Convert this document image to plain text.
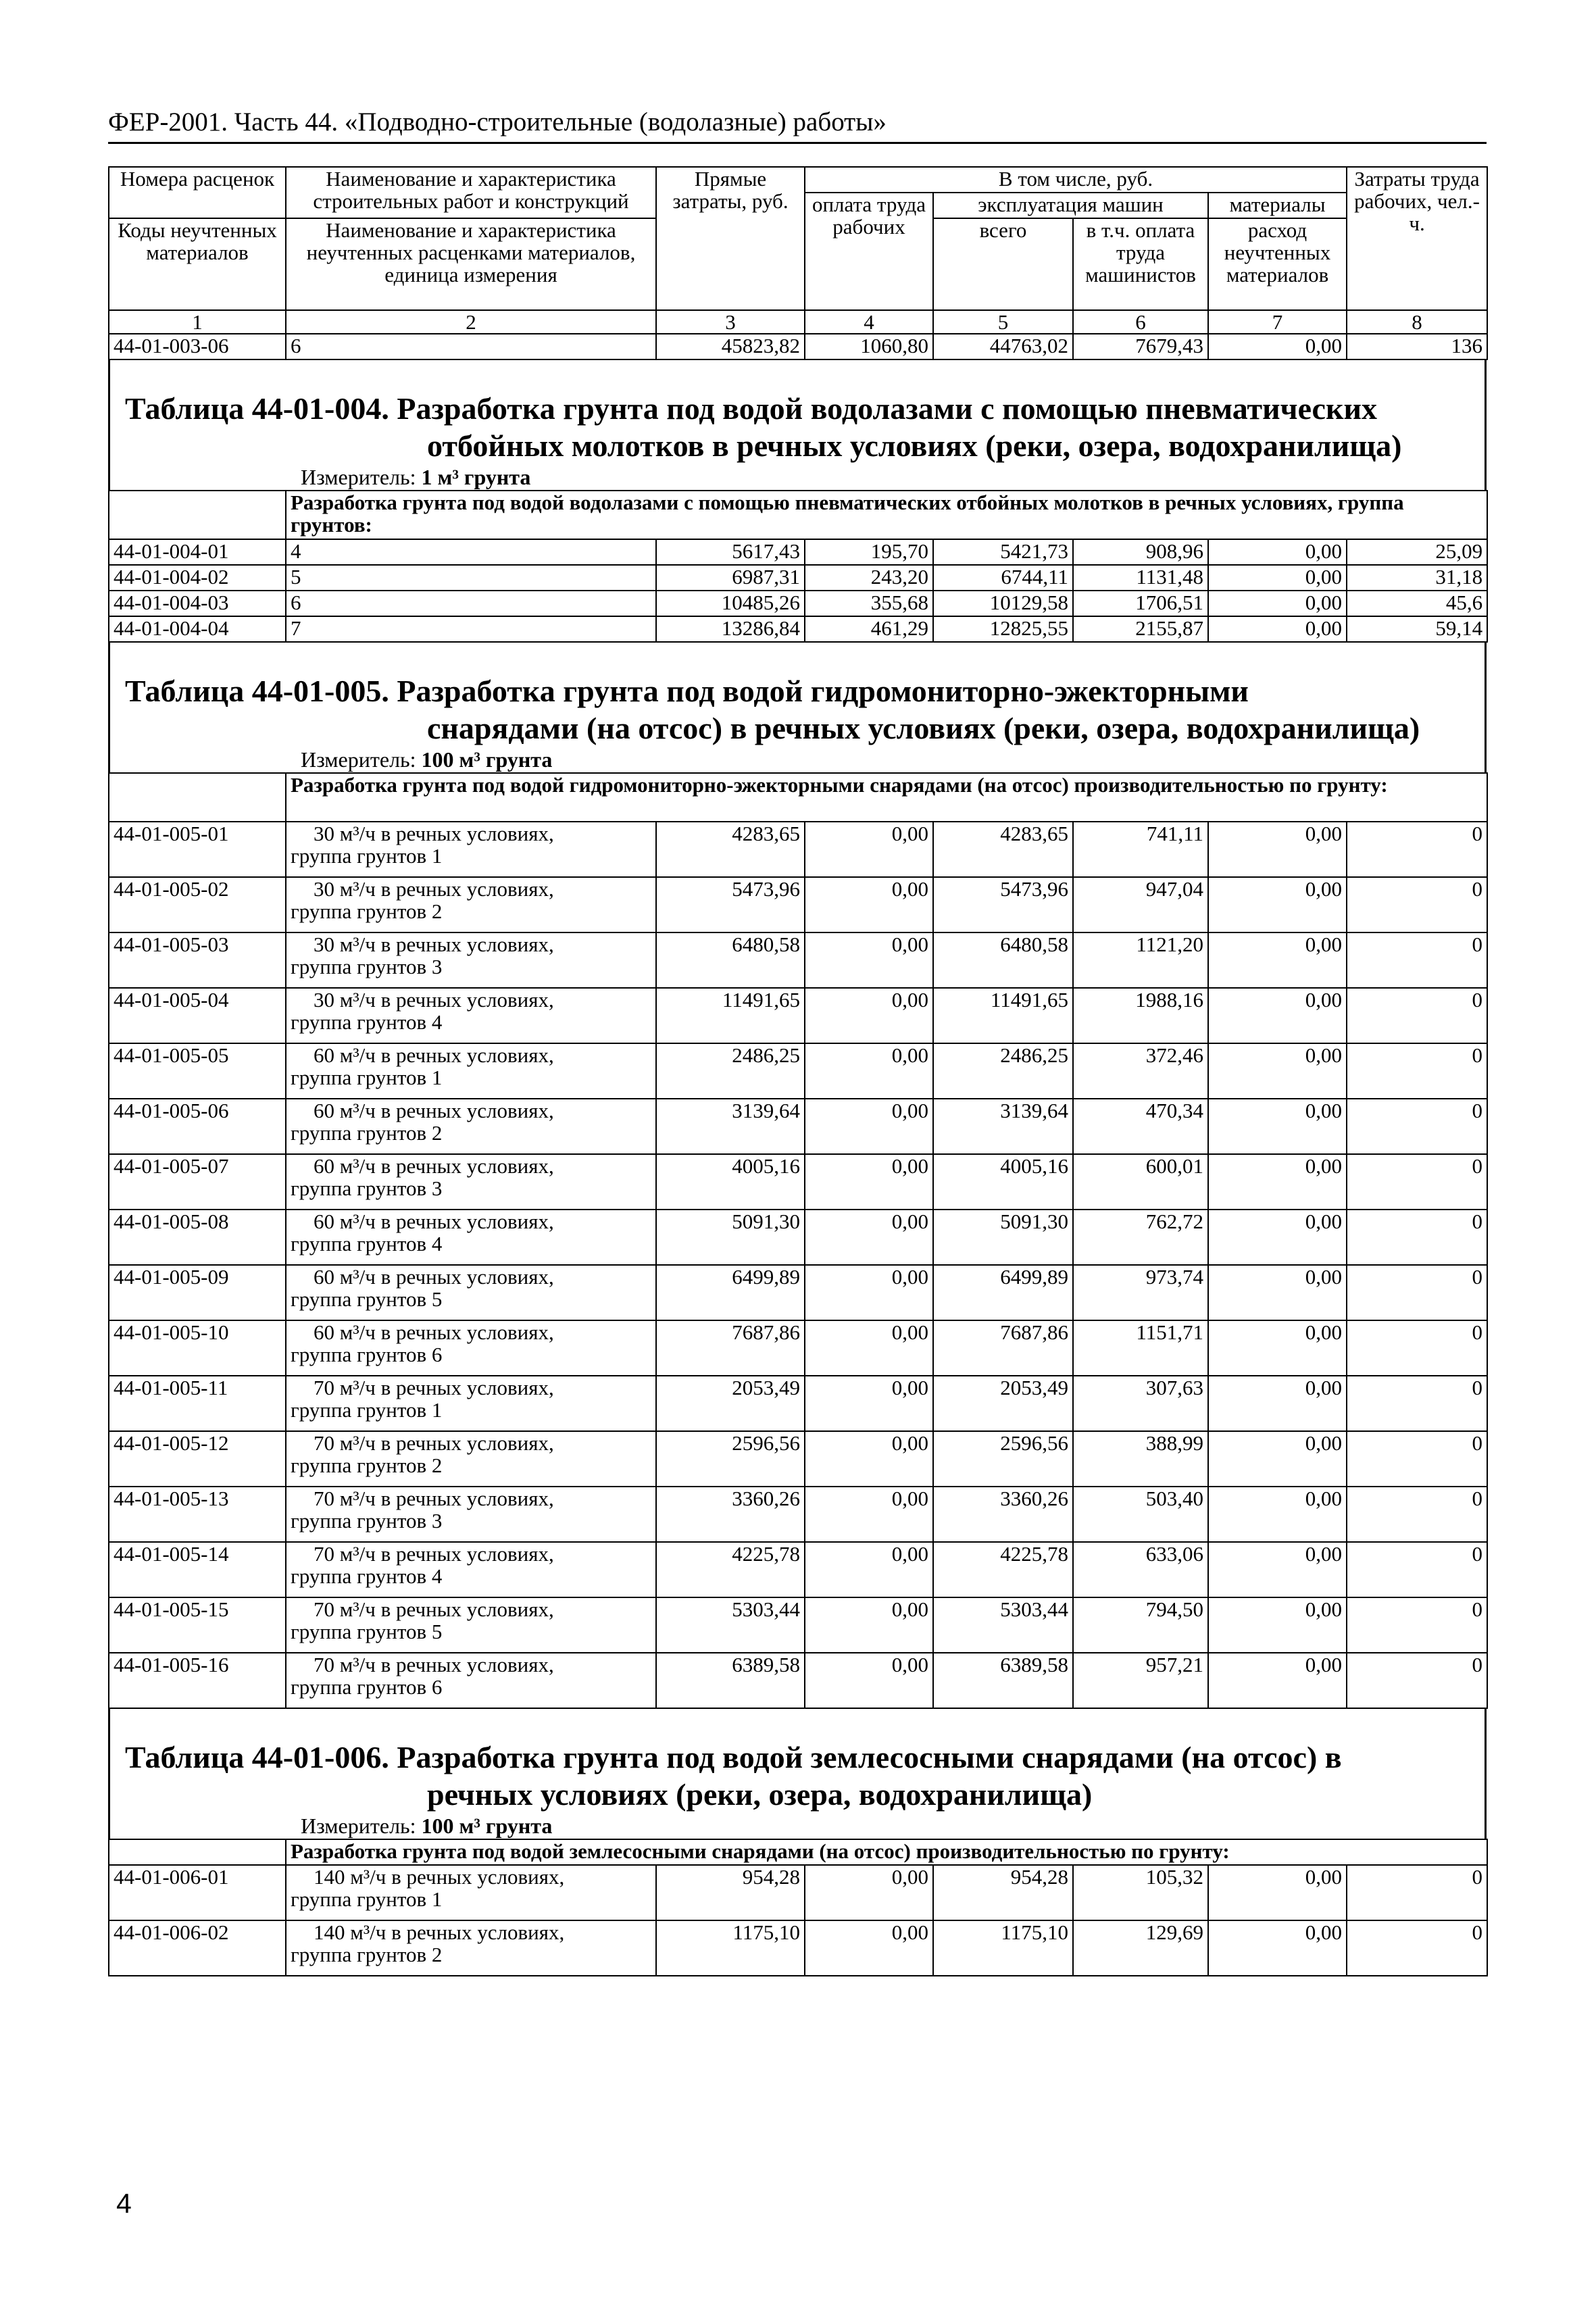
ФЕР-2001. Часть 44. «Подводно-строительные (водолазные) работы»
Номера расценок	Наименование и характеристика строительных работ и конструкций	Прямые затраты, руб.	В том числе, руб.				Затраты труда рабочих, чел.-ч.
			оплата труда рабочих	эксплуатация машин		материалы	
Коды неучтенных материалов	Наименование и характеристика неучтенных расценками материалов, единица измерения			всего	в т.ч. оплата труда машинистов	расход неучтенных материалов	

1	2	3	4	5	6	7	8
44-01-003-06	6	45823,82	1060,80	44763,02	7679,43	0,00	136
Таблица 44-01-004. Разработка грунта под водой водолазами с помощью пневматических
отбойных молотков в речных условиях (реки, озера, водохранилища)
Измеритель: 1 м³ грунта
	Разработка грунта под водой водолазами с помощью пневматических отбойных молотков в речных условиях, группа грунтов:						
44-01-004-01	4	5617,43	195,70	5421,73	908,96	0,00	25,09
44-01-004-02	5	6987,31	243,20	6744,11	1131,48	0,00	31,18
44-01-004-03	6	10485,26	355,68	10129,58	1706,51	0,00	45,6
44-01-004-04	7	13286,84	461,29	12825,55	2155,87	0,00	59,14
Таблица 44-01-005. Разработка грунта под водой гидромониторно-эжекторными
снарядами (на отсос) в речных условиях (реки, озера, водохранилища)
Измеритель: 100 м³ грунта
	Разработка грунта под водой гидромониторно-эжекторными снарядами (на отсос) производительностью по грунту:						
44-01-005-01	30 м³/ч в речных условиях,
группа грунтов 1	4283,65	0,00	4283,65	741,11	0,00	0
44-01-005-02	30 м³/ч в речных условиях,
группа грунтов 2	5473,96	0,00	5473,96	947,04	0,00	0
44-01-005-03	30 м³/ч в речных условиях,
группа грунтов 3	6480,58	0,00	6480,58	1121,20	0,00	0
44-01-005-04	30 м³/ч в речных условиях,
группа грунтов 4	11491,65	0,00	11491,65	1988,16	0,00	0
44-01-005-05	60 м³/ч в речных условиях,
группа грунтов 1	2486,25	0,00	2486,25	372,46	0,00	0
44-01-005-06	60 м³/ч в речных условиях,
группа грунтов 2	3139,64	0,00	3139,64	470,34	0,00	0
44-01-005-07	60 м³/ч в речных условиях,
группа грунтов 3	4005,16	0,00	4005,16	600,01	0,00	0
44-01-005-08	60 м³/ч в речных условиях,
группа грунтов 4	5091,30	0,00	5091,30	762,72	0,00	0
44-01-005-09	60 м³/ч в речных условиях,
группа грунтов 5	6499,89	0,00	6499,89	973,74	0,00	0
44-01-005-10	60 м³/ч в речных условиях,
группа грунтов 6	7687,86	0,00	7687,86	1151,71	0,00	0
44-01-005-11	70 м³/ч в речных условиях,
группа грунтов 1	2053,49	0,00	2053,49	307,63	0,00	0
44-01-005-12	70 м³/ч в речных условиях,
группа грунтов 2	2596,56	0,00	2596,56	388,99	0,00	0
44-01-005-13	70 м³/ч в речных условиях,
группа грунтов 3	3360,26	0,00	3360,26	503,40	0,00	0
44-01-005-14	70 м³/ч в речных условиях,
группа грунтов 4	4225,78	0,00	4225,78	633,06	0,00	0
44-01-005-15	70 м³/ч в речных условиях,
группа грунтов 5	5303,44	0,00	5303,44	794,50	0,00	0
44-01-005-16	70 м³/ч в речных условиях,
группа грунтов 6	6389,58	0,00	6389,58	957,21	0,00	0
Таблица 44-01-006. Разработка грунта под водой землесосными снарядами (на отсос) в
речных условиях (реки, озера, водохранилища)
Измеритель: 100 м³ грунта
	Разработка грунта под водой землесосными снарядами (на отсос) производительностью по грунту:						
44-01-006-01	140 м³/ч в речных условиях,
группа грунтов 1	954,28	0,00	954,28	105,32	0,00	0
44-01-006-02	140 м³/ч в речных условиях,
группа грунтов 2	1175,10	0,00	1175,10	129,69	0,00	0
4
